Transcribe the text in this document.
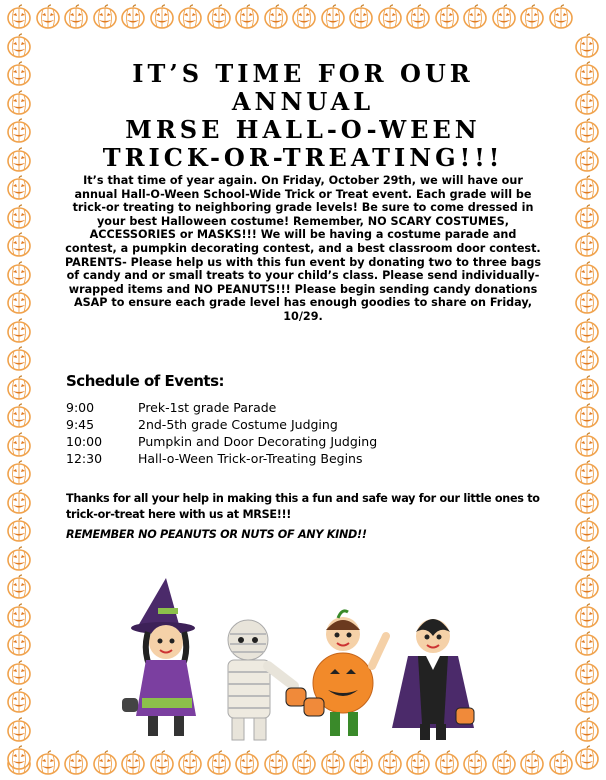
IT’S TIME FOR OUR
ANNUAL
MRSE HALL-O-WEEN
TRICK-OR-TREATING!!!

It’s that time of year again. On Friday, October 29th, we will have our annual Hall-O-Ween School-Wide Trick or Treat event. Each grade will be trick-or treating to neighboring grade levels! Be sure to come dressed in your best Halloween costume! Remember, NO SCARY COSTUMES, ACCESSORIES or MASKS!!! We will be having a costume parade and contest, a pumpkin decorating contest, and a best classroom door contest.

PARENTS- Please help us with this fun event by donating two to three bags of candy and or small treats to your child’s class. Please send individually-wrapped items and NO PEANUTS!!! Please begin sending candy donations ASAP to ensure each grade level has enough goodies to share on Friday, 10/29.

Schedule of Events:
9:00	Prek-1st grade Parade
9:45	2nd-5th grade Costume Judging
10:00	Pumpkin and Door Decorating Judging
12:30	Hall-o-Ween Trick-or-Treating Begins
Thanks for all your help in making this a fun and safe way for our little ones to trick-or-treat here with us at MRSE!!!
REMEMBER NO PEANUTS OR NUTS OF ANY KIND!!
